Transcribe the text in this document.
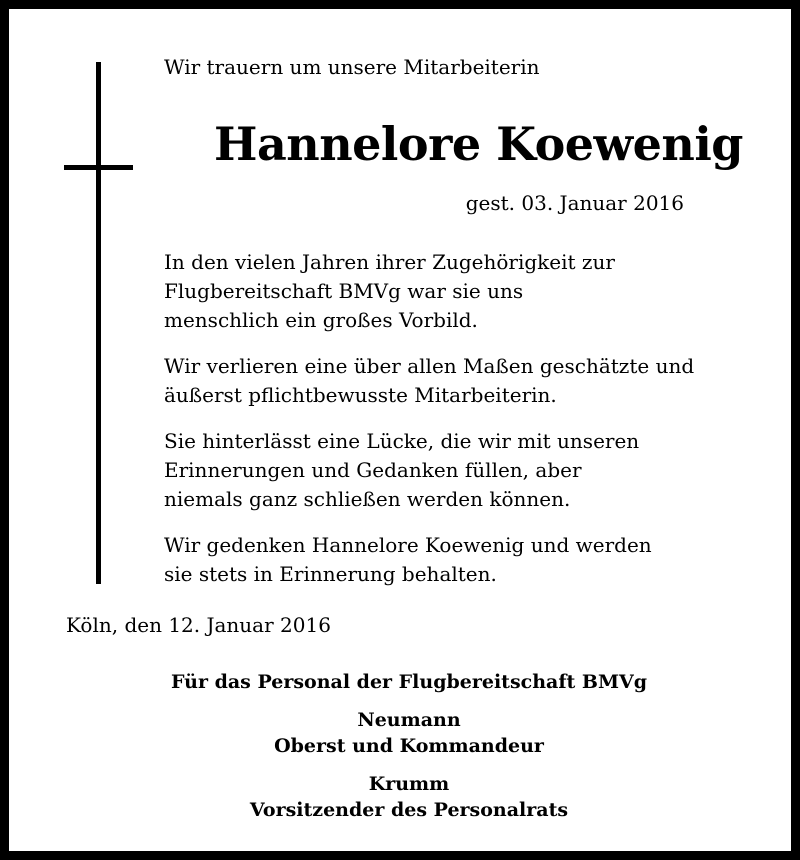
Wir trauern um unsere Mitarbeiterin
Hannelore Koewenig
gest. 03. Januar 2016

In den vielen Jahren ihrer Zugehörigkeit zur
Flugbereitschaft BMVg war sie uns
menschlich ein großes Vorbild.

Wir verlieren eine über allen Maßen geschätzte und
äußerst pflichtbewusste Mitarbeiterin.

Sie hinterlässt eine Lücke, die wir mit unseren
Erinnerungen und Gedanken füllen, aber
niemals ganz schließen werden können.

Wir gedenken Hannelore Koewenig und werden
sie stets in Erinnerung behalten.

Köln, den 12. Januar 2016
Für das Personal der Flugbereitschaft BMVg
Neumann
Oberst und Kommandeur
Krumm
Vorsitzender des Personalrats
